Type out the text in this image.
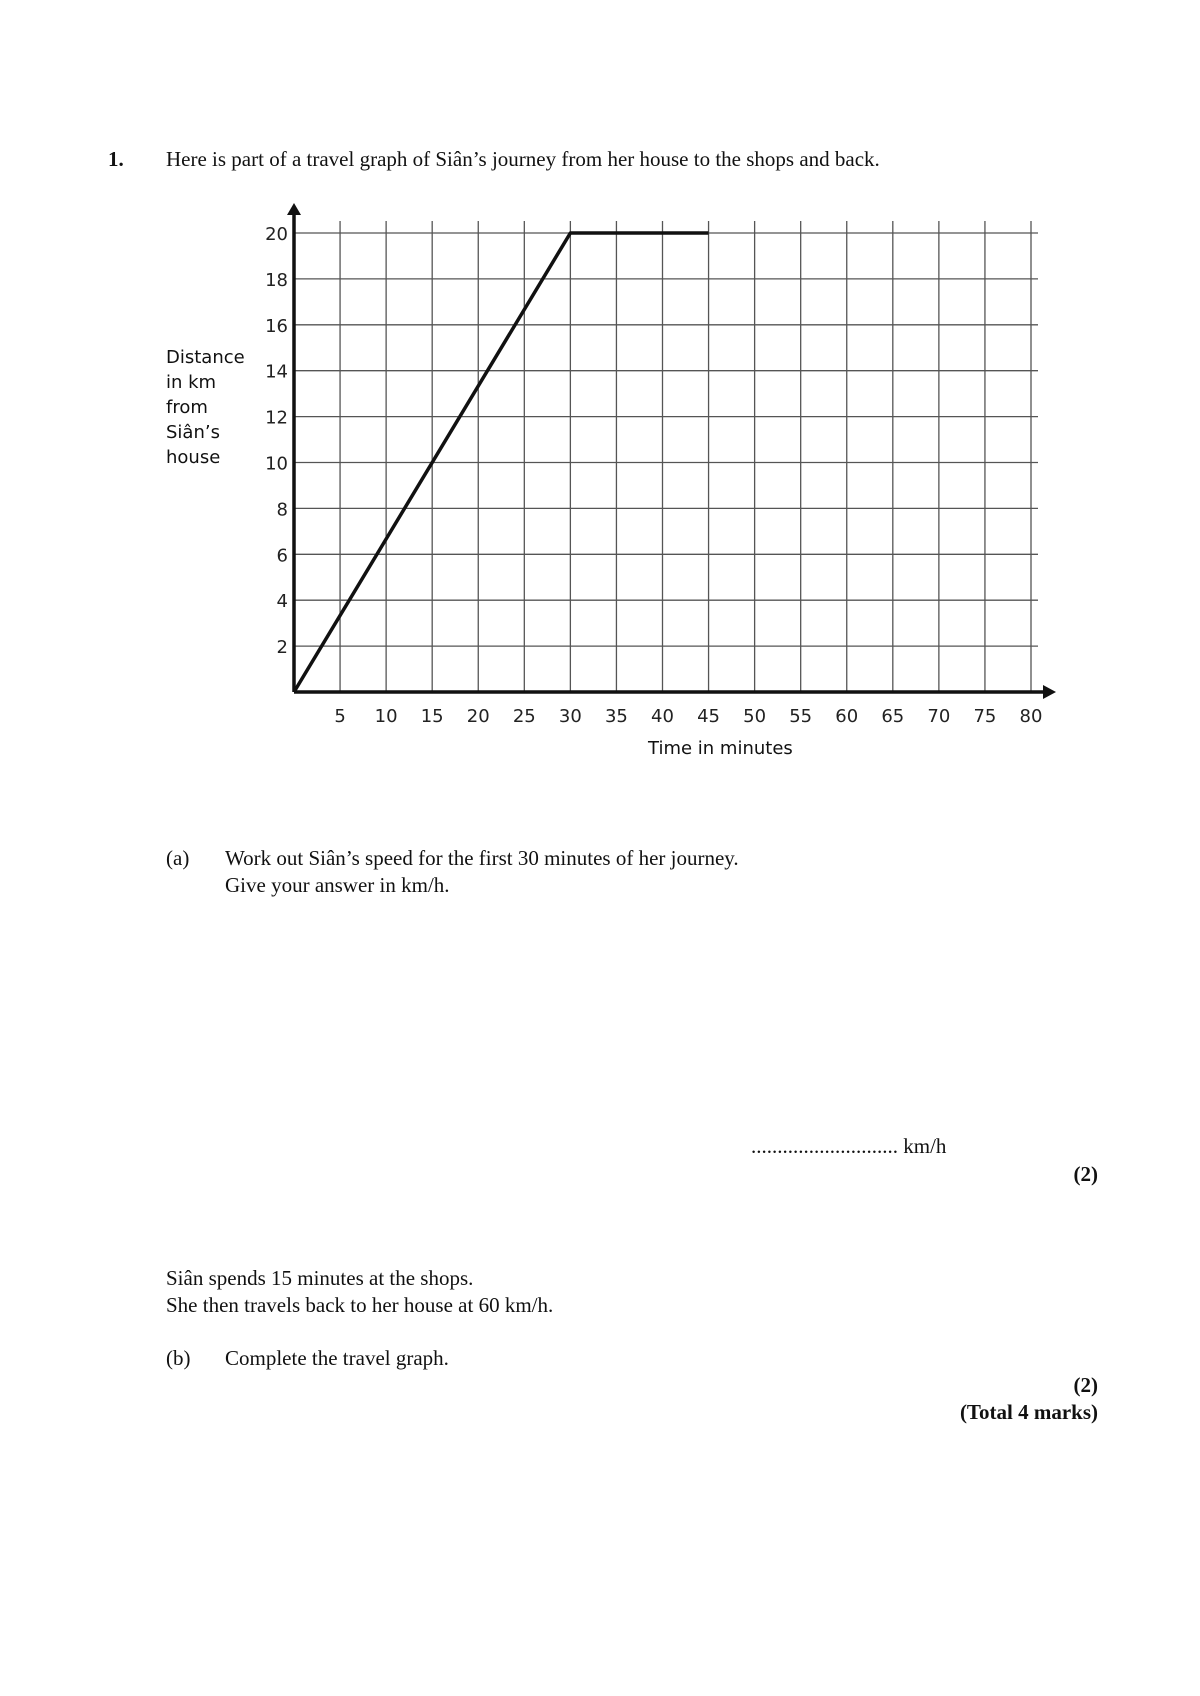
1. Here is part of a travel graph of Siân’s journey from her house to the shops and back.
5 10 15 20 25 30 35 40 45 50 55 60 65 70 75 80
2
4
6
8
10
12
14
16
18
20
Distance
in km
from
Siân’s
house
Time in minutes
(a) Work out Siân’s speed for the first 30 minutes of her journey.
Give your answer in km/h.
............................ km/h
(2)
Siân spends 15 minutes at the shops.
She then travels back to her house at 60 km/h.
(b) Complete the travel graph.
(2)
(Total 4 marks)
